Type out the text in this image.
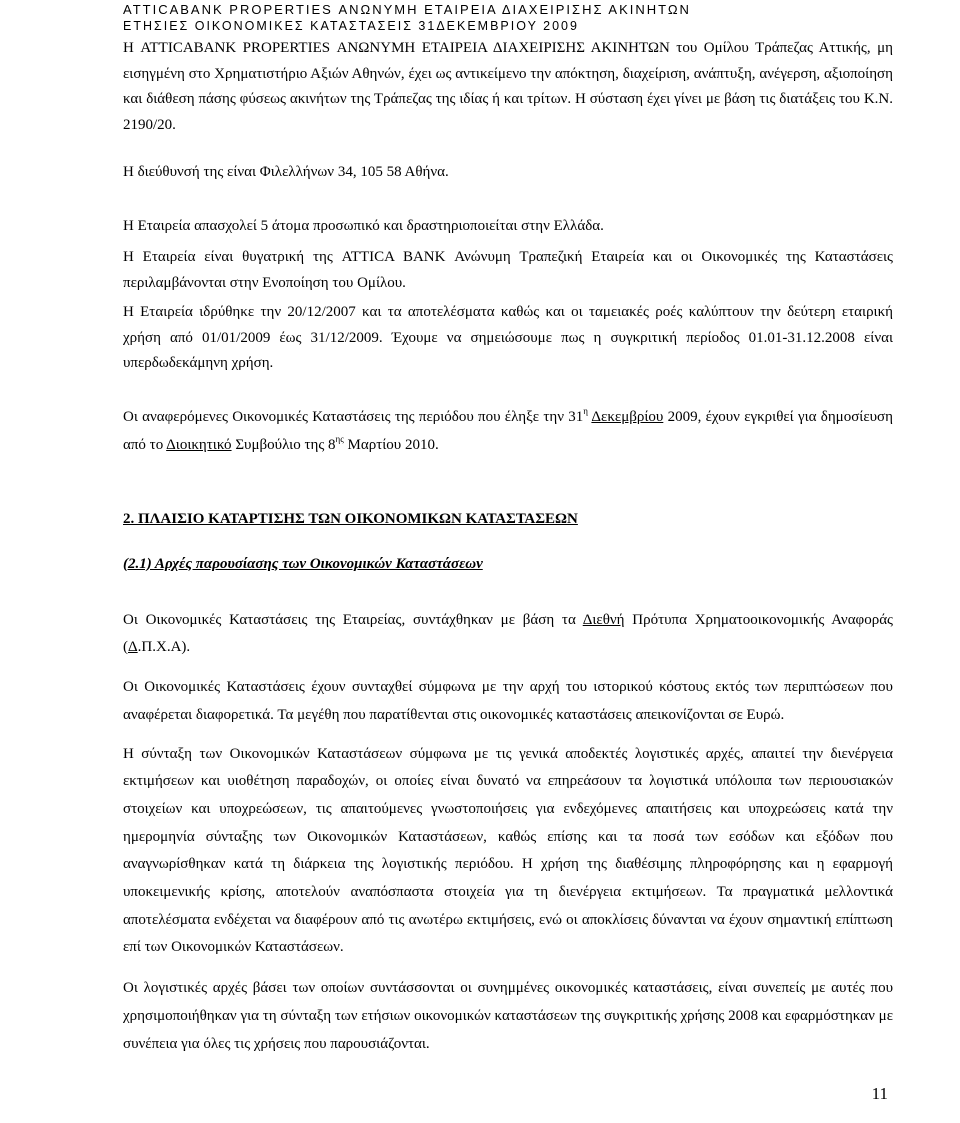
ATTICABANK PROPERTIES ΑΝΩΝΥΜΗ ΕΤΑΙΡΕΙΑ ΔΙΑΧΕΙΡΙΣΗΣ ΑΚΙΝΗΤΩΝ
ΕΤΗΣΙΕΣ ΟΙΚΟΝΟΜΙΚΕΣ ΚΑΤΑΣΤΑΣΕΙΣ 31ΔΕΚΕΜΒΡΙΟΥ 2009

Η ATTICABANK PROPERTIES ΑΝΩΝΥΜΗ ΕΤΑΙΡΕΙΑ ΔΙΑΧΕΙΡΙΣΗΣ ΑΚΙΝΗΤΩΝ του Ομίλου Τράπεζας Αττικής, μη εισηγμένη στο Χρηματιστήριο Αξιών Αθηνών, έχει ως αντικείμενο την απόκτηση, διαχείριση, ανάπτυξη, ανέγερση, αξιοποίηση και διάθεση πάσης φύσεως ακινήτων της Τράπεζας της ιδίας ή και τρίτων. Η σύσταση έχει γίνει με βάση τις διατάξεις του Κ.Ν. 2190/20.

Η διεύθυνσή της είναι Φιλελλήνων 34, 105 58 Αθήνα.

Η Εταιρεία απασχολεί 5 άτομα προσωπικό και δραστηριοποιείται στην Ελλάδα.

Η Εταιρεία είναι θυγατρική της ATTICA BANK Ανώνυμη Τραπεζική Εταιρεία και οι Οικονομικές της Καταστάσεις περιλαμβάνονται στην Ενοποίηση του Ομίλου.

Η Εταιρεία ιδρύθηκε την 20/12/2007 και τα αποτελέσματα καθώς και οι ταμειακές ροές καλύπτουν την δεύτερη εταιρική χρήση από 01/01/2009 έως 31/12/2009. Έχουμε να σημειώσουμε πως η συγκριτική περίοδος 01.01-31.12.2008 είναι υπερδωδεκάμηνη χρήση.

Οι αναφερόμενες Οικονομικές Καταστάσεις της περιόδου που έληξε την $31^\eta$ Δεκεμβρίου 2009, έχουν εγκριθεί για δημοσίευση από το Διοικητικό Συμβούλιο της $8^{\eta\varsigma}$ Μαρτίου 2010.

2. ΠΛΑΙΣΙΟ ΚΑΤΑΡΤΙΣΗΣ ΤΩΝ ΟΙΚΟΝΟΜΙΚΩΝ ΚΑΤΑΣΤΑΣΕΩΝ
(2.1) Αρχές παρουσίασης των Οικονομικών Καταστάσεων

Οι Οικονομικές Καταστάσεις της Εταιρείας, συντάχθηκαν με βάση τα Διεθνή Πρότυπα Χρηματοοικονομικής Αναφοράς (Δ.Π.Χ.Α).

Οι Οικονομικές Καταστάσεις έχουν συνταχθεί σύμφωνα με την αρχή του ιστορικού κόστους εκτός των περιπτώσεων που αναφέρεται διαφορετικά. Τα μεγέθη που παρατίθενται στις οικονομικές καταστάσεις απεικονίζονται σε Ευρώ.

Η σύνταξη των Οικονομικών Καταστάσεων σύμφωνα με τις γενικά αποδεκτές λογιστικές αρχές, απαιτεί την διενέργεια εκτιμήσεων και υιοθέτηση παραδοχών, οι οποίες είναι δυνατό να επηρεάσουν τα λογιστικά υπόλοιπα των περιουσιακών στοιχείων και υποχρεώσεων, τις απαιτούμενες γνωστοποιήσεις για ενδεχόμενες απαιτήσεις και υποχρεώσεις κατά την ημερομηνία σύνταξης των Οικονομικών Καταστάσεων, καθώς επίσης και τα ποσά των εσόδων και εξόδων που αναγνωρίσθηκαν κατά τη διάρκεια της λογιστικής περιόδου. Η χρήση της διαθέσιμης πληροφόρησης και η εφαρμογή υποκειμενικής κρίσης, αποτελούν αναπόσπαστα στοιχεία για τη διενέργεια εκτιμήσεων. Τα πραγματικά μελλοντικά αποτελέσματα ενδέχεται να διαφέρουν από τις ανωτέρω εκτιμήσεις, ενώ οι αποκλίσεις δύνανται να έχουν σημαντική επίπτωση επί των Οικονομικών Καταστάσεων.

Οι λογιστικές αρχές βάσει των οποίων συντάσσονται οι συνημμένες οικονομικές καταστάσεις, είναι συνεπείς με αυτές που χρησιμοποιήθηκαν για τη σύνταξη των ετήσιων οικονομικών καταστάσεων της συγκριτικής χρήσης 2008 και εφαρμόστηκαν με συνέπεια για όλες τις χρήσεις που παρουσιάζονται.

11
